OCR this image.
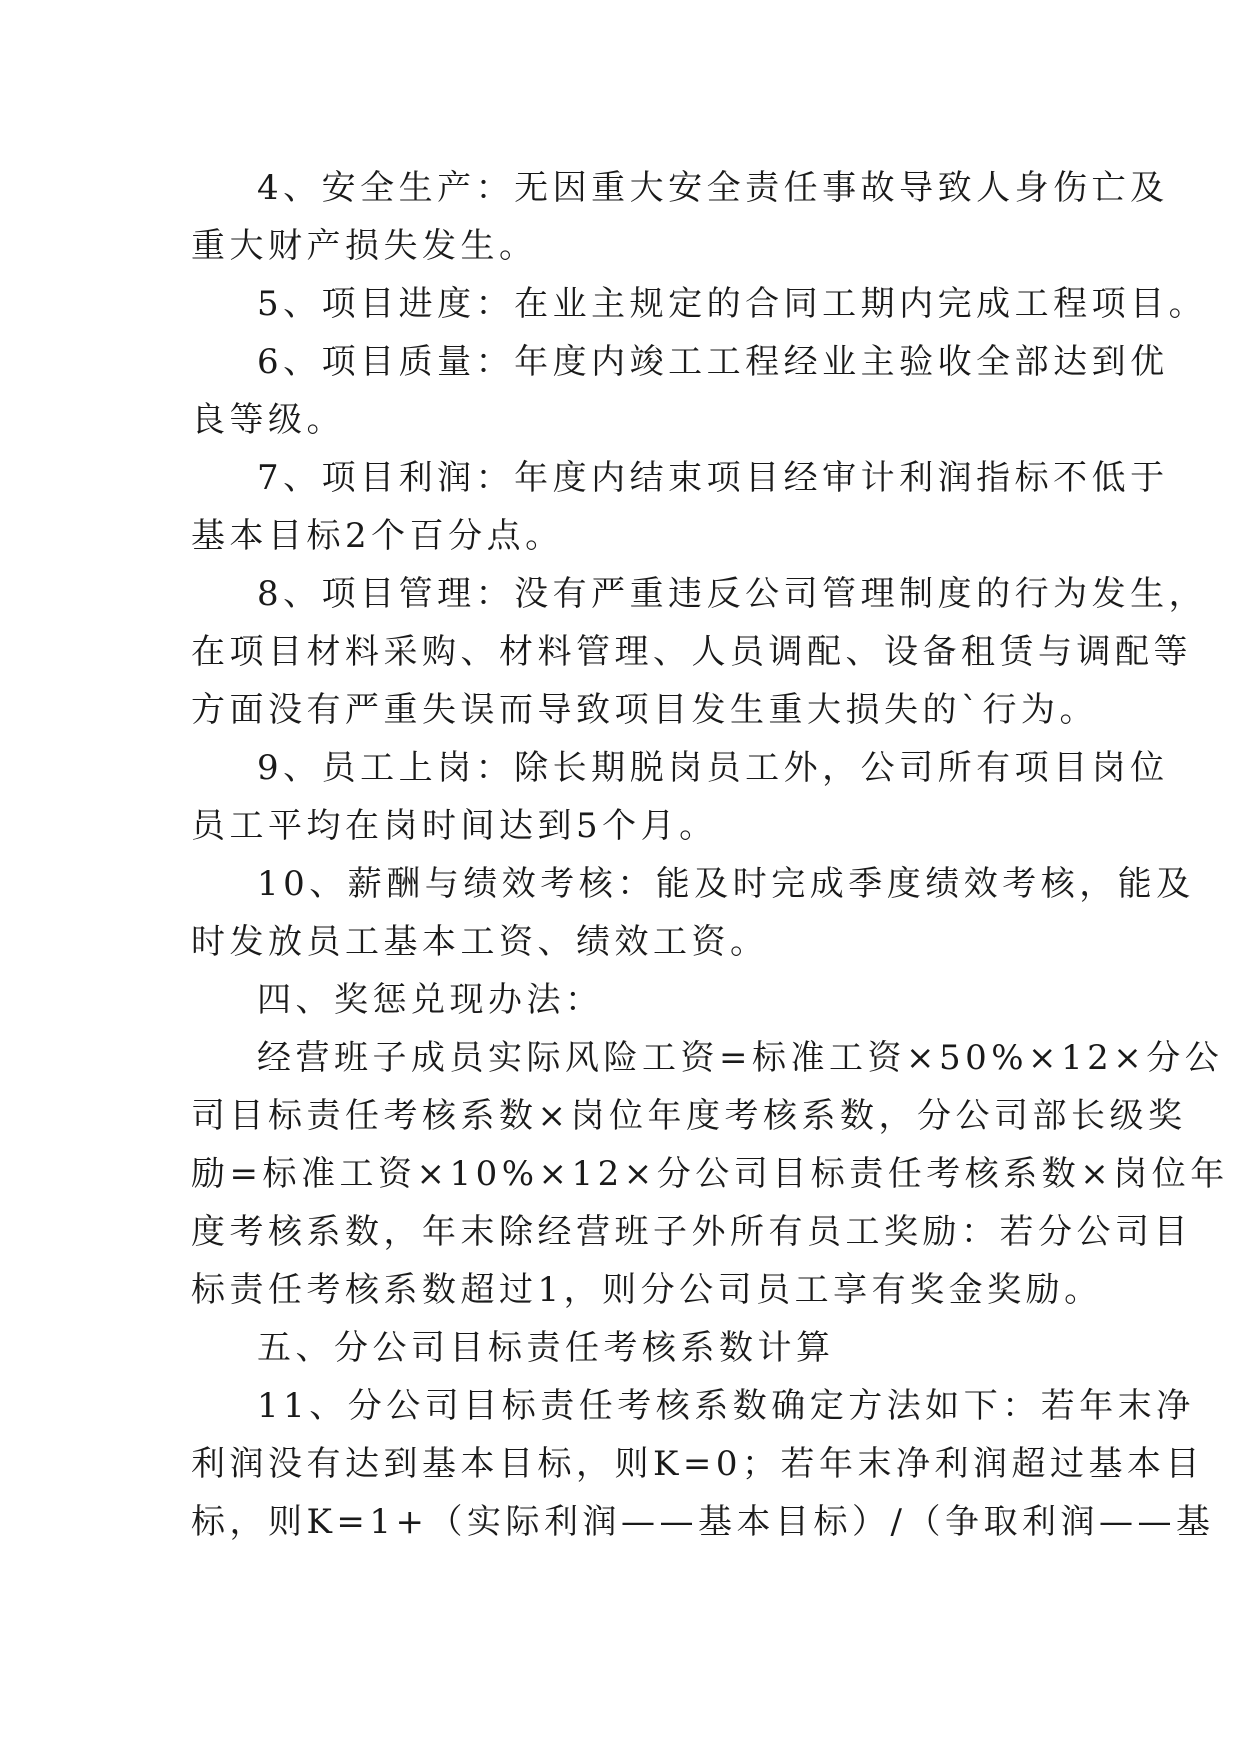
4、安全生产：无因重大安全责任事故导致人身伤亡及
重大财产损失发生。
5、项目进度：在业主规定的合同工期内完成工程项目。
6、项目质量：年度内竣工工程经业主验收全部达到优
良等级。
7、项目利润：年度内结束项目经审计利润指标不低于
基本目标2个百分点。
8、项目管理：没有严重违反公司管理制度的行为发生，
在项目材料采购、材料管理、人员调配、设备租赁与调配等
方面没有严重失误而导致项目发生重大损失的`行为。
9、员工上岗：除长期脱岗员工外，公司所有项目岗位
员工平均在岗时间达到5个月。
10、薪酬与绩效考核：能及时完成季度绩效考核，能及
时发放员工基本工资、绩效工资。
四、奖惩兑现办法：
经营班子成员实际风险工资=标准工资×50%×12×分公
司目标责任考核系数×岗位年度考核系数，分公司部长级奖
励=标准工资×10%×12×分公司目标责任考核系数×岗位年
度考核系数，年末除经营班子外所有员工奖励：若分公司目
标责任考核系数超过1，则分公司员工享有奖金奖励。
五、分公司目标责任考核系数计算
11、分公司目标责任考核系数确定方法如下：若年末净
利润没有达到基本目标，则K=0；若年末净利润超过基本目
标，则K=1+（实际利润——基本目标）/（争取利润——基
